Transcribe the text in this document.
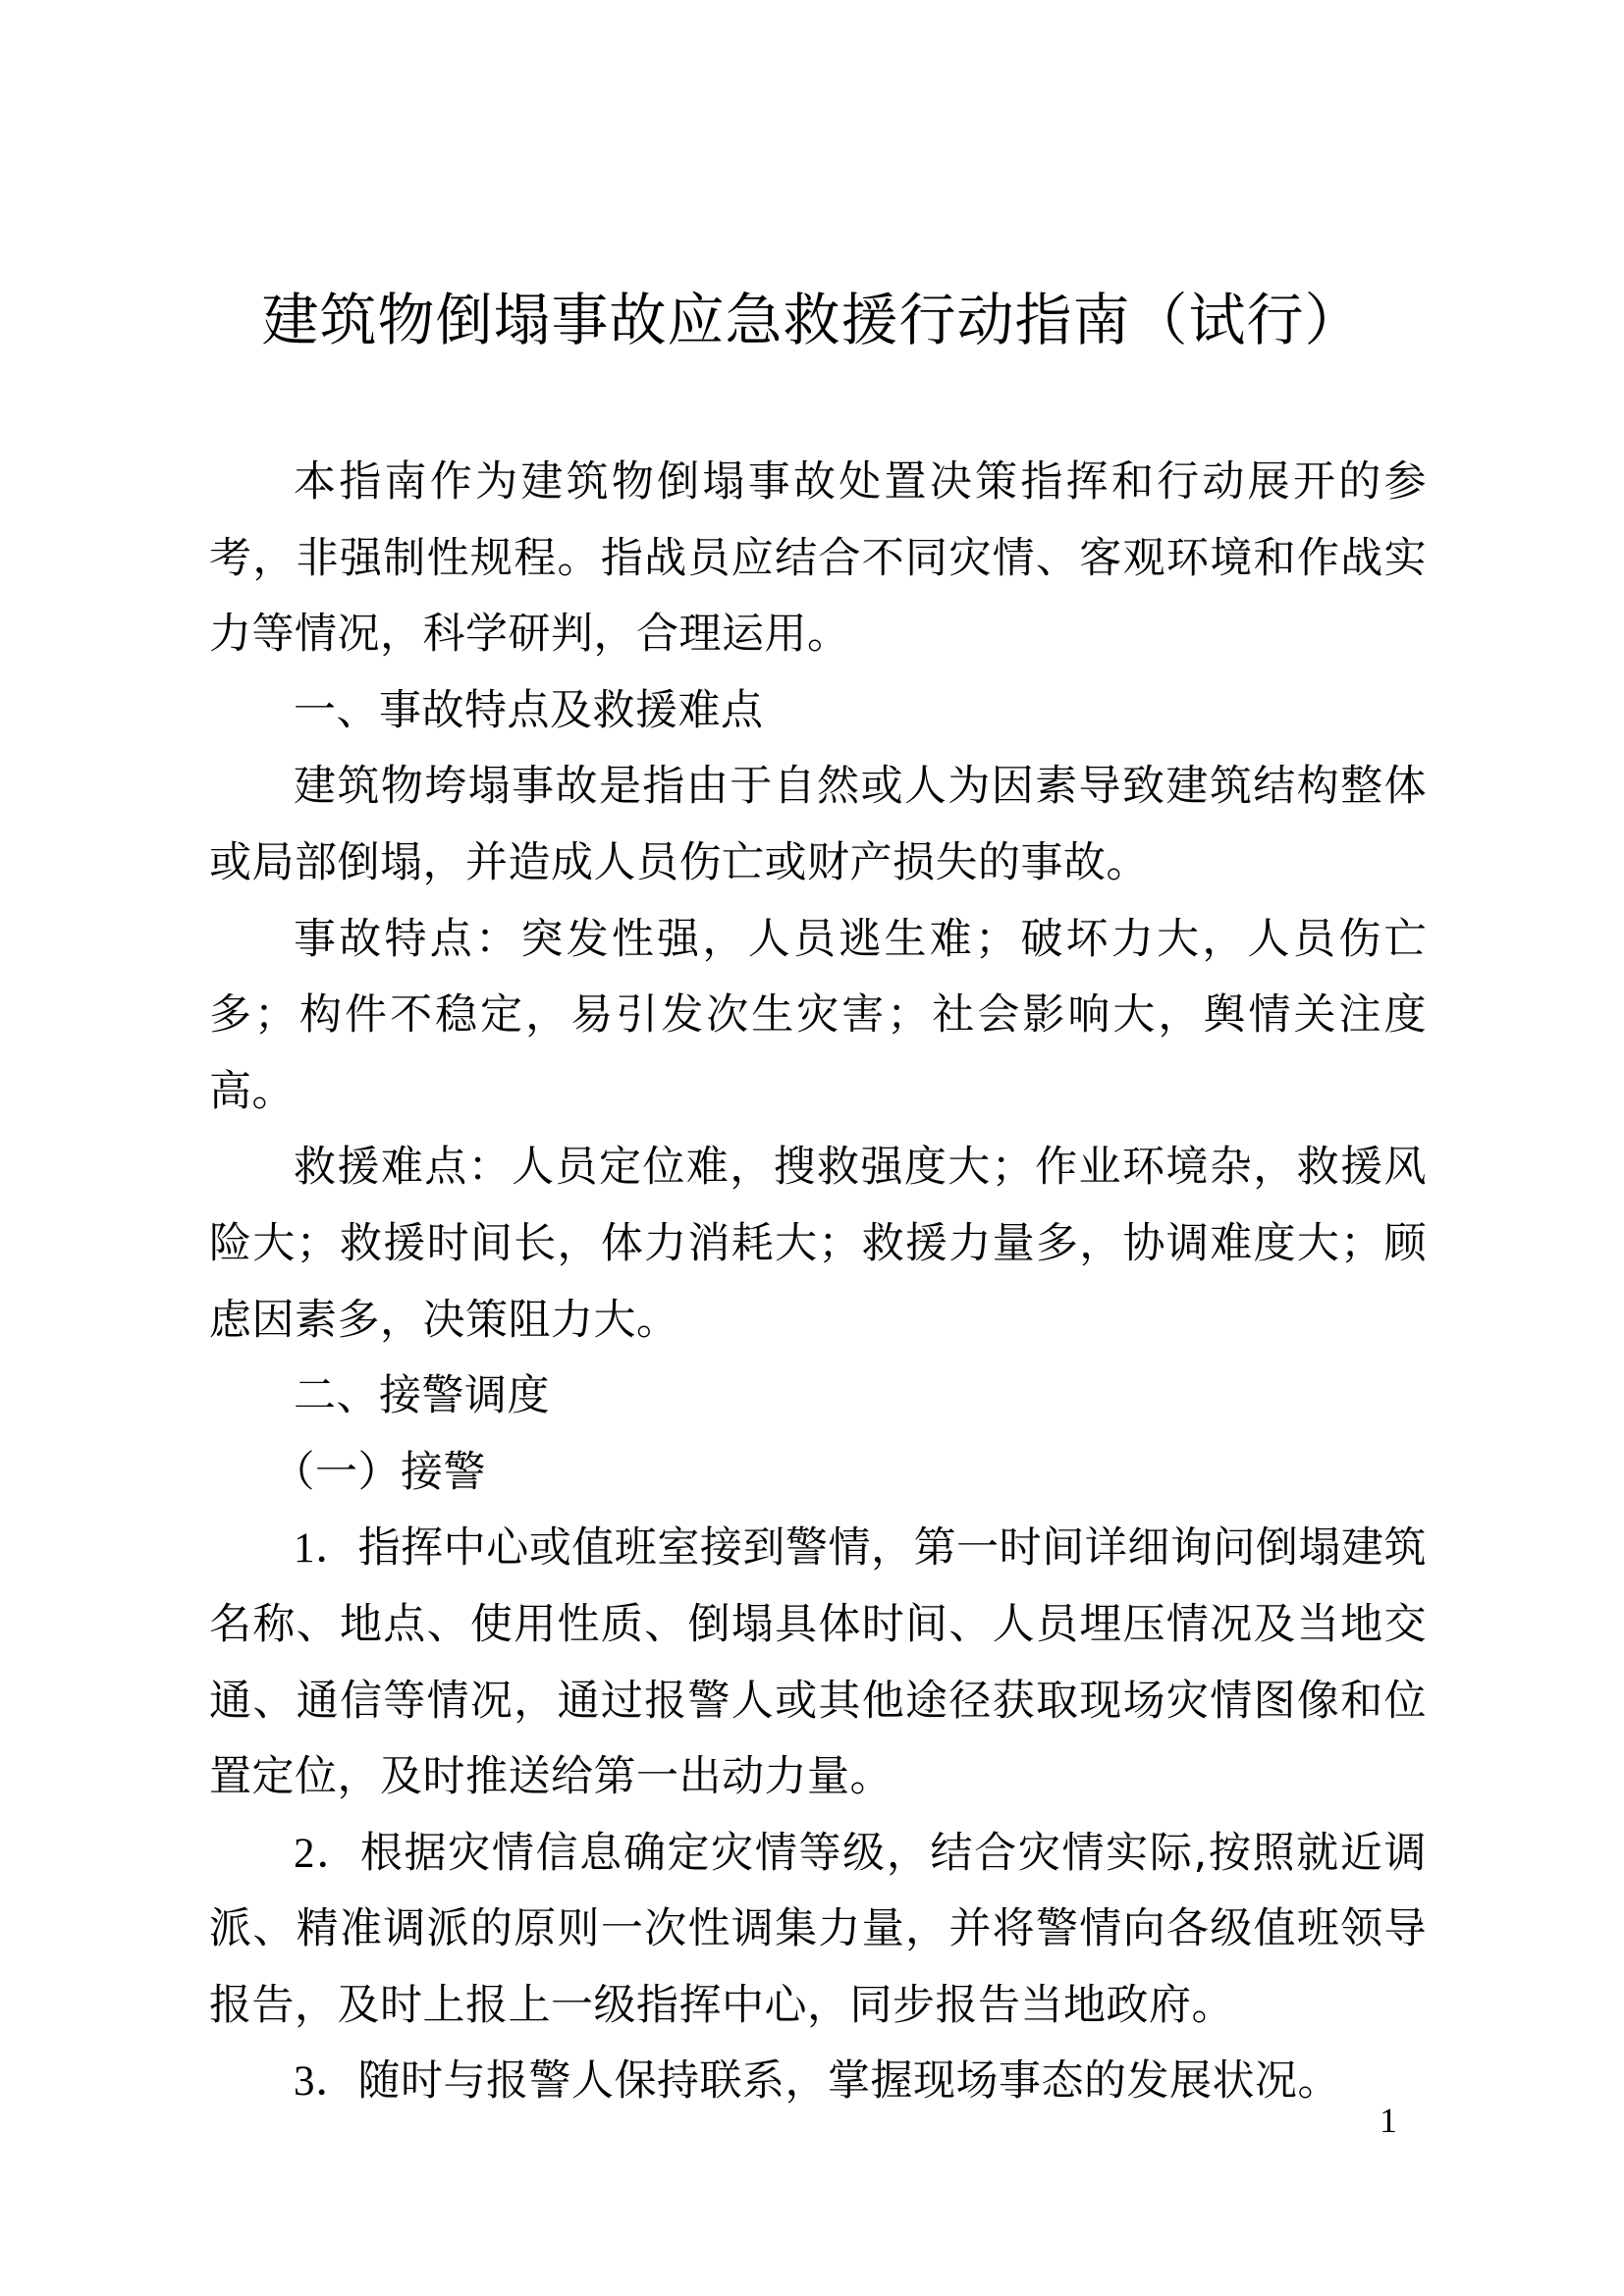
建筑物倒塌事故应急救援行动指南（试行）

本指南作为建筑物倒塌事故处置决策指挥和行动展开的参考，非强制性规程。指战员应结合不同灾情、客观环境和作战实力等情况，科学研判，合理运用。

一、事故特点及救援难点

建筑物垮塌事故是指由于自然或人为因素导致建筑结构整体或局部倒塌，并造成人员伤亡或财产损失的事故。

事故特点：突发性强，人员逃生难；破坏力大，人员伤亡多；构件不稳定，易引发次生灾害；社会影响大，舆情关注度高。

救援难点：人员定位难，搜救强度大；作业环境杂，救援风险大；救援时间长，体力消耗大；救援力量多，协调难度大；顾虑因素多，决策阻力大。

二、接警调度

（一）接警

1．指挥中心或值班室接到警情，第一时间详细询问倒塌建筑名称、地点、使用性质、倒塌具体时间、人员埋压情况及当地交通、通信等情况，通过报警人或其他途径获取现场灾情图像和位置定位，及时推送给第一出动力量。

2．根据灾情信息确定灾情等级，结合灾情实际,按照就近调派、精准调派的原则一次性调集力量，并将警情向各级值班领导报告，及时上报上一级指挥中心，同步报告当地政府。

3．随时与报警人保持联系，掌握现场事态的发展状况。

1
